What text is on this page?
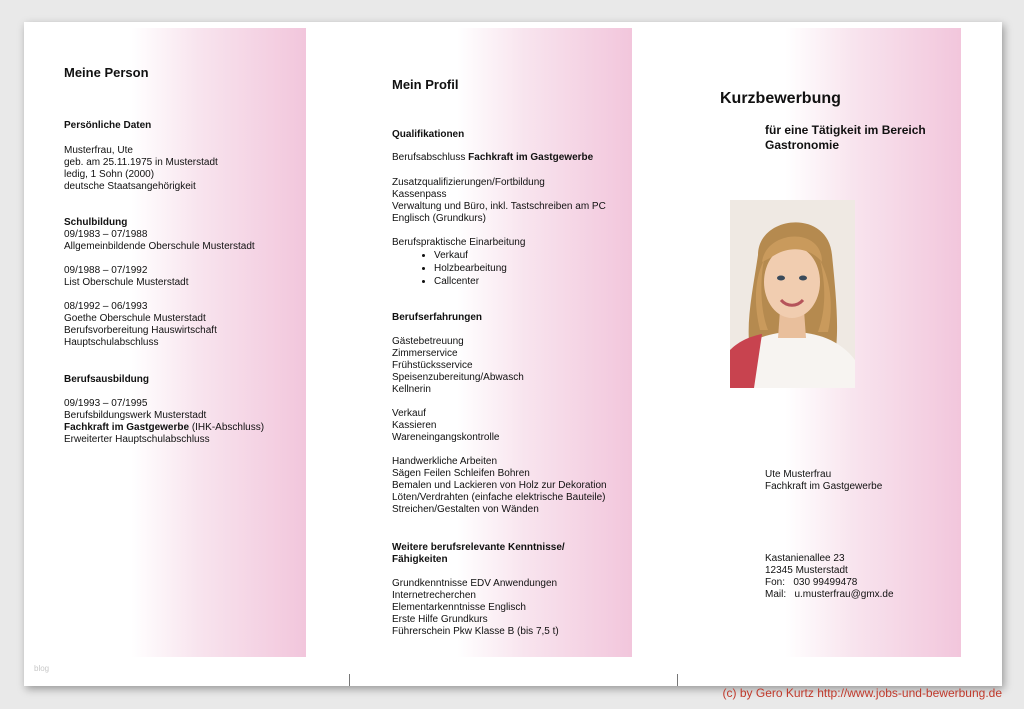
Meine Person
Persönliche Daten
Musterfrau, Ute
geb. am 25.11.1975 in Musterstadt
ledig, 1 Sohn (2000)
deutsche Staatsangehörigkeit
Schulbildung
09/1983 – 07/1988
Allgemeinbildende Oberschule Musterstadt
09/1988 – 07/1992
List Oberschule Musterstadt
08/1992 – 06/1993
Goethe Oberschule Musterstadt
Berufsvorbereitung Hauswirtschaft
Hauptschulabschluss
Berufsausbildung
09/1993 – 07/1995
Berufsbildungswerk Musterstadt
Fachkraft im Gastgewerbe (IHK-Abschluss)
Erweiterter Hauptschulabschluss
Mein Profil
Qualifikationen
Berufsabschluss Fachkraft im Gastgewerbe
Zusatzqualifizierungen/Fortbildung
Kassenpass
Verwaltung und Büro, inkl. Tastschreiben am PC
Englisch (Grundkurs)
Berufspraktische Einarbeitung
• Verkauf
• Holzbearbeitung
• Callcenter
Berufserfahrungen
Gästebetreuung
Zimmerservice
Frühstücksservice
Speisenzubereitung/Abwasch
Kellnerin
Verkauf
Kassieren
Wareneingangskontrolle
Handwerkliche Arbeiten
Sägen Feilen Schleifen Bohren
Bemalen und Lackieren von Holz zur Dekoration
Löten/Verdrahten (einfache elektrische Bauteile)
Streichen/Gestalten von Wänden
Weitere berufsrelevante Kenntnisse/
Fähigkeiten
Grundkenntnisse EDV Anwendungen
Internetrecherchen
Elementarkenntnisse Englisch
Erste Hilfe Grundkurs
Führerschein Pkw Klasse B (bis 7,5 t)
Kurzbewerbung
für eine Tätigkeit im Bereich
Gastronomie
Ute Musterfrau
Fachkraft im Gastgewerbe
Kastanienallee 23
12345 Musterstadt
Fon: 030 99499478
Mail: u.musterfrau@gmx.de
blog
(c) by Gero Kurtz http://www.jobs-und-bewerbung.de
